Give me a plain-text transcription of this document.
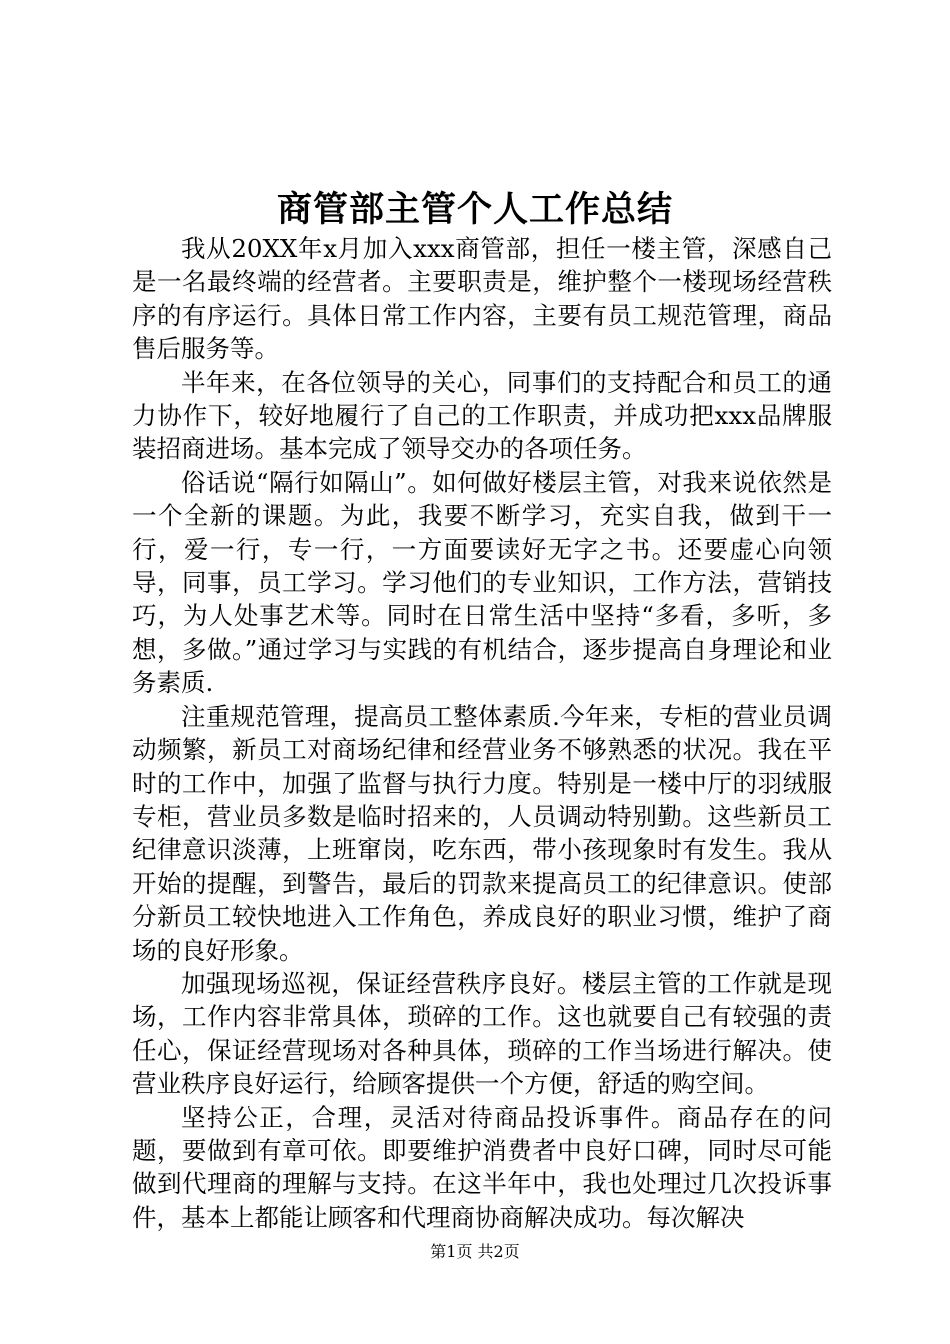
商管部主管个人工作总结

我从20XX年x月加入xxx商管部，担任一楼主管，深感自己是一名最终端的经营者。主要职责是，维护整个一楼现场经营秩序的有序运行。具体日常工作内容，主要有员工规范管理，商品售后服务等。

半年来，在各位领导的关心，同事们的支持配合和员工的通力协作下，较好地履行了自己的工作职责，并成功把xxx品牌服装招商进场。基本完成了领导交办的各项任务。

俗话说“隔行如隔山”。如何做好楼层主管，对我来说依然是一个全新的课题。为此，我要不断学习，充实自我，做到干一行，爱一行，专一行，一方面要读好无字之书。还要虚心向领导，同事，员工学习。学习他们的专业知识，工作方法，营销技巧，为人处事艺术等。同时在日常生活中坚持“多看，多听，多想，多做。”通过学习与实践的有机结合，逐步提高自身理论和业务素质.

注重规范管理，提高员工整体素质.今年来，专柜的营业员调动频繁，新员工对商场纪律和经营业务不够熟悉的状况。我在平时的工作中，加强了监督与执行力度。特别是一楼中厅的羽绒服专柜，营业员多数是临时招来的，人员调动特别勤。这些新员工纪律意识淡薄，上班窜岗，吃东西，带小孩现象时有发生。我从开始的提醒，到警告，最后的罚款来提高员工的纪律意识。使部分新员工较快地进入工作角色，养成良好的职业习惯，维护了商场的良好形象。

加强现场巡视，保证经营秩序良好。楼层主管的工作就是现场，工作内容非常具体，琐碎的工作。这也就要自己有较强的责任心，保证经营现场对各种具体，琐碎的工作当场进行解决。使营业秩序良好运行，给顾客提供一个方便，舒适的购空间。

坚持公正，合理，灵活对待商品投诉事件。商品存在的问题，要做到有章可依。即要维护消费者中良好口碑，同时尽可能做到代理商的理解与支持。在这半年中，我也处理过几次投诉事件，基本上都能让顾客和代理商协商解决成功。每次解决

第1页 共2页
